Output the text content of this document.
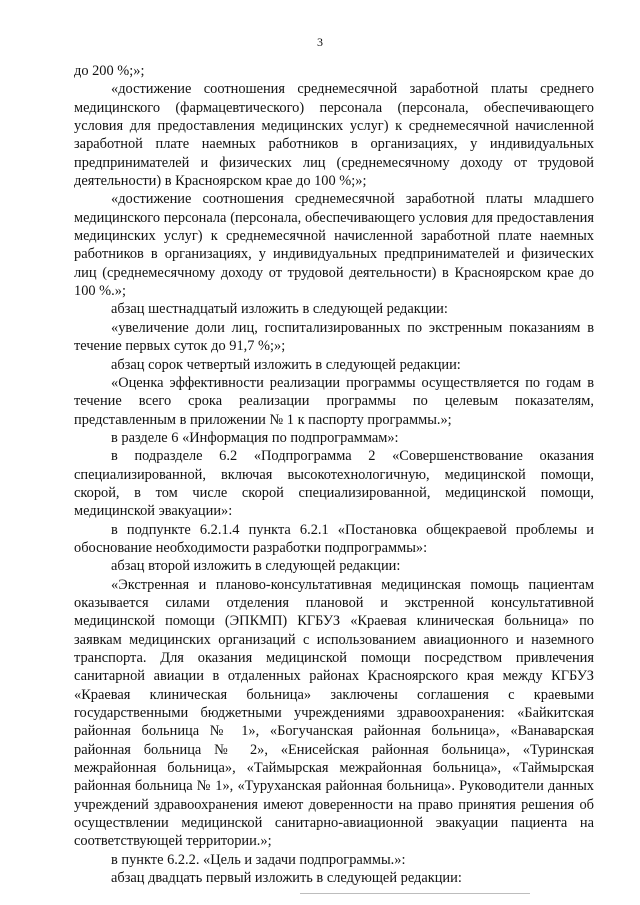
3

до 200 %;»;

«достижение соотношения среднемесячной заработной платы среднего медицинского (фармацевтического) персонала (персонала, обеспечивающего условия для предоставления медицинских услуг) к среднемесячной начисленной заработной плате наемных работников в организациях, у индивидуальных предпринимателей и физических лиц (среднемесячному доходу от трудовой деятельности) в Красноярском крае до 100 %;»;

«достижение соотношения среднемесячной заработной платы младшего медицинского персонала (персонала, обеспечивающего условия для предоставления медицинских услуг) к среднемесячной начисленной заработной плате наемных работников в организациях, у индивидуальных предпринимателей и физических лиц (среднемесячному доходу от трудовой деятельности) в Красноярском крае до 100 %.»;

абзац шестнадцатый изложить в следующей редакции:

«увеличение доли лиц, госпитализированных по экстренным показаниям в течение первых суток до 91,7 %;»;

абзац сорок четвертый изложить в следующей редакции:

«Оценка эффективности реализации программы осуществляется по годам в течение всего срока реализации программы по целевым показателям, представленным в приложении № 1 к паспорту программы.»;

в разделе 6 «Информация по подпрограммам»:

в подразделе 6.2 «Подпрограмма 2 «Совершенствование оказания специализированной, включая высокотехнологичную, медицинской помощи, скорой, в том числе скорой специализированной, медицинской помощи, медицинской эвакуации»:

в подпункте 6.2.1.4 пункта 6.2.1 «Постановка общекраевой проблемы и обоснование необходимости разработки подпрограммы»:

абзац второй изложить в следующей редакции:

«Экстренная и планово-консультативная медицинская помощь пациентам оказывается силами отделения плановой и экстренной консультативной медицинской помощи (ЭПКМП) КГБУЗ «Краевая клиническая больница» по заявкам медицинских организаций с использованием авиационного и наземного транспорта. Для оказания медицинской помощи посредством привлечения санитарной авиации в отдаленных районах Красноярского края между КГБУЗ «Краевая клиническая больница» заключены соглашения с краевыми государственными бюджетными учреждениями здравоохранения: «Байкитская районная больница № 1», «Богучанская районная больница», «Ванаварская районная больница № 2», «Енисейская районная больница», «Туринская межрайонная больница», «Таймырская межрайонная больница», «Таймырская районная больница № 1», «Туруханская районная больница». Руководители данных учреждений здравоохранения имеют доверенности на право принятия решения об осуществлении медицинской санитарно-авиационной эвакуации пациента на соответствующей территории.»;

в пункте 6.2.2. «Цель и задачи подпрограммы.»:

абзац двадцать первый изложить в следующей редакции:
